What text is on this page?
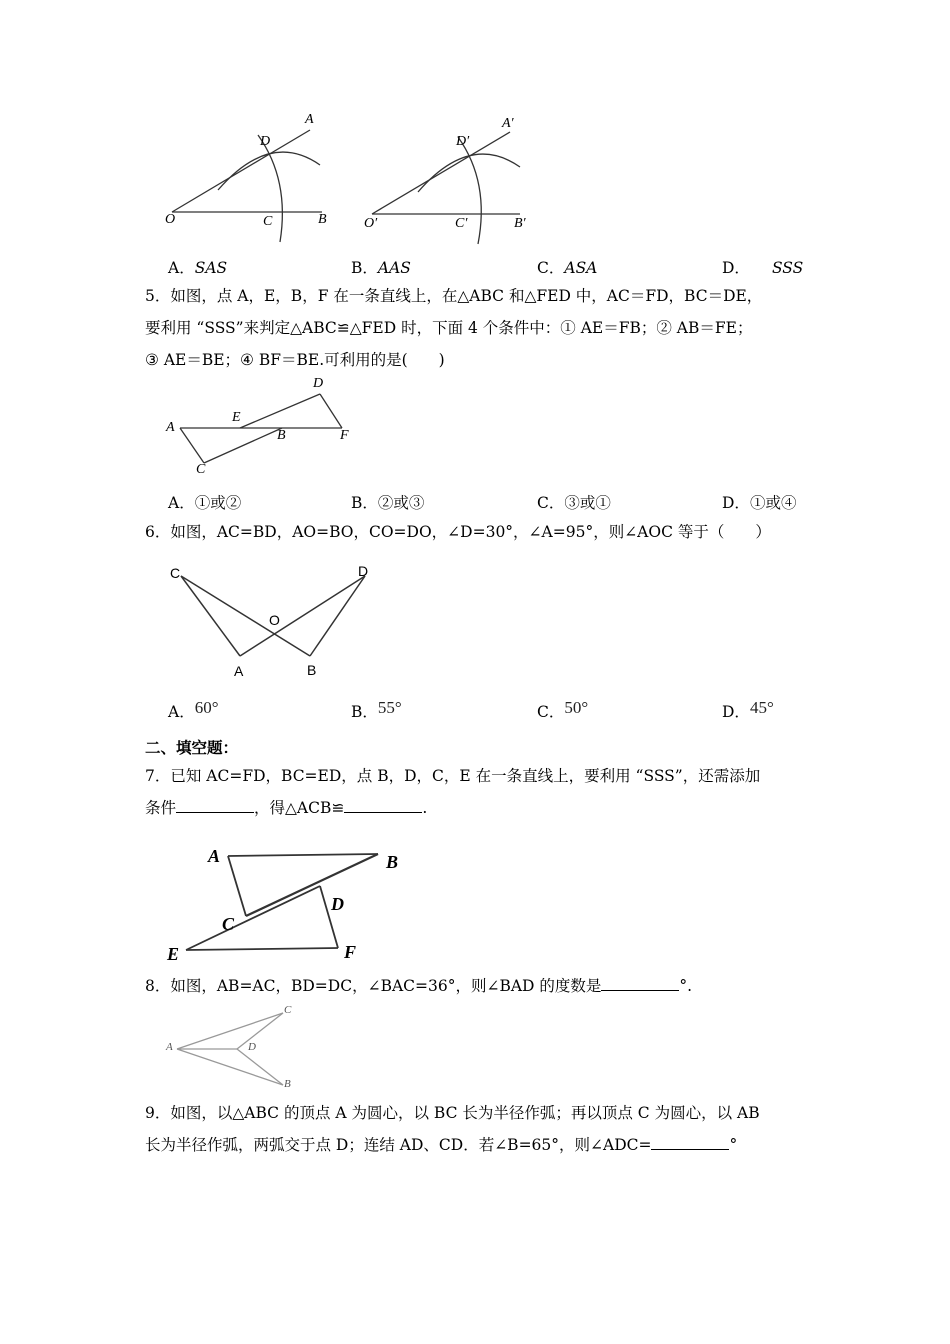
A
D
O	C	B
A′
D′
O′	C′	B′
A．SAS	B．AAS	C．ASA	D． SSS
5．如图，点 A，E，B，F 在一条直线上，在△ABC 和△FED 中，AC＝FD，BC＝DE，
要利用 “SSS”来判定△ABC≌△FED 时，下面 4 个条件中：① AE＝FB；② AB＝FE；
③ AE＝BE；④ BF＝BE.可利用的是(　　)
A
E
B	F
D
C
A．①或②	B．②或③	C．③或①	D．①或④
6．如图，AC=BD，AO=BO，CO=DO，∠D=30°，∠A=95°，则∠AOC 等于（　　）
C	D
O
A	B
A．60°	B．55°	C．50°	D．45°
二、填空题：
7．已知 AC=FD，BC=ED，点 B，D，C，E 在一条直线上，要利用 “SSS”，还需添加
条件	，得△ACB≌	.
A	B
C
D
E	F
8．如图，AB=AC，BD=DC，∠BAC=36°，则∠BAD 的度数是	°.
A
C
D
B
9．如图，以△ABC 的顶点 A 为圆心，以 BC 长为半径作弧；再以顶点 C 为圆心，以 AB
长为半径作弧，两弧交于点 D；连结 AD、CD．若∠B=65°，则∠ADC=	°
